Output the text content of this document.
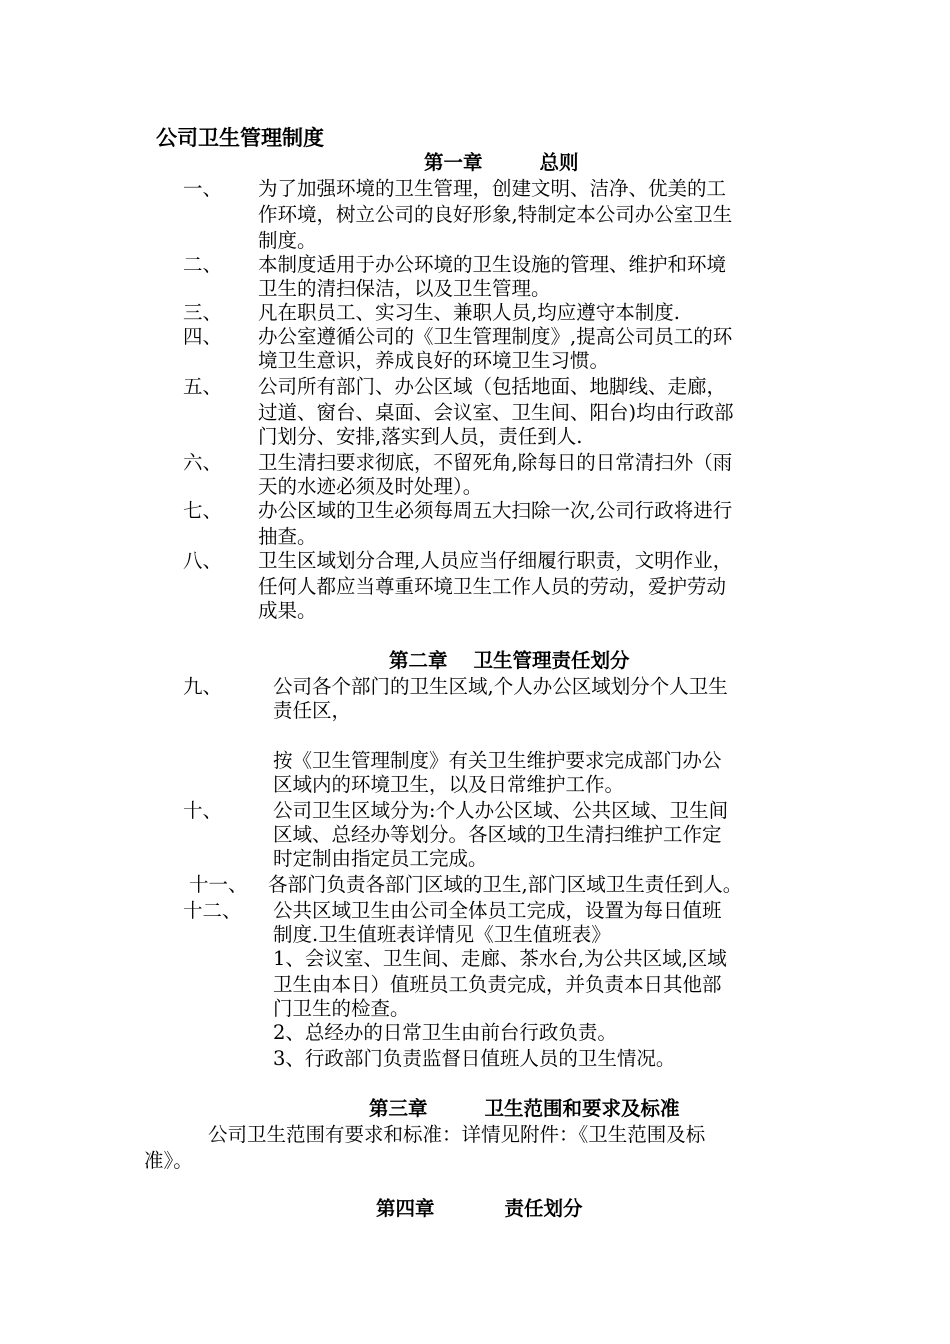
公司卫生管理制度
第一章	总则
一、 为了加强环境的卫生管理，创建文明、洁净、优美的工
作环境，树立公司的良好形象,特制定本公司办公室卫生
制度。
二、 本制度适用于办公环境的卫生设施的管理、维护和环境
卫生的清扫保洁，以及卫生管理。
三、 凡在职员工、实习生、兼职人员,均应遵守本制度.
四、 办公室遵循公司的《卫生管理制度》,提高公司员工的环
境卫生意识，养成良好的环境卫生习惯。
五、 公司所有部门、办公区域（包括地面、地脚线、走廊，
过道、窗台、桌面、会议室、卫生间、阳台)均由行政部
门划分、安排,落实到人员，责任到人.
六、 卫生清扫要求彻底，不留死角,除每日的日常清扫外（雨
天的水迹必须及时处理）。
七、 办公区域的卫生必须每周五大扫除一次,公司行政将进行
抽查。
八、 卫生区域划分合理,人员应当仔细履行职责，文明作业，
任何人都应当尊重环境卫生工作人员的劳动，爱护劳动
成果。
第二章 卫生管理责任划分
九、	公司各个部门的卫生区域,个人办公区域划分个人卫生
责任区，
按《卫生管理制度》有关卫生维护要求完成部门办公
区域内的环境卫生，以及日常维护工作。
十、	公司卫生区域分为:个人办公区域、公共区域、卫生间
区域、总经办等划分。各区域的卫生清扫维护工作定
时定制由指定员工完成。
十一、 各部门负责各部门区域的卫生,部门区域卫生责任到人。
十二、 公共区域卫生由公司全体员工完成，设置为每日值班
制度.卫生值班表详情见《卫生值班表》
1、会议室、卫生间、走廊、茶水台,为公共区域,区域
卫生由本日）值班员工负责完成，并负责本日其他部
门卫生的检查。
2、总经办的日常卫生由前台行政负责。
3、行政部门负责监督日值班人员的卫生情况。
第三章	卫生范围和要求及标准
公司卫生范围有要求和标准：详情见附件：《卫生范围及标
准》。
第四章	责任划分
